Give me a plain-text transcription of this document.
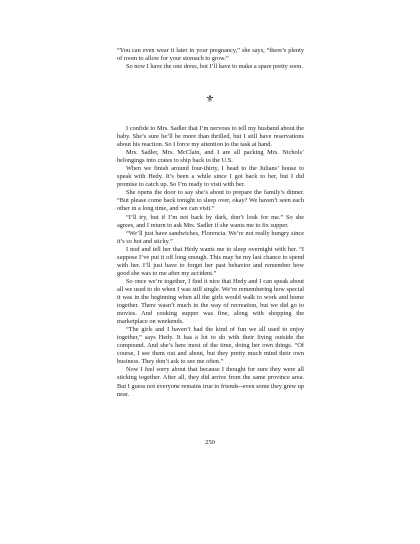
“You can even wear it later in your pregnancy,” she says, “there’s plenty of room to allow for your stomach to grow.”

So now I have the one dress, but I’ll have to make a spare pretty soon.

⚜

I confide to Mrs. Sadler that I’m nervous to tell my husband about the baby. She’s sure he’ll be more than thrilled, but I still have reservations about his reaction. So I force my attention to the task at hand.

Mrs. Sadler, Mrs. McClain, and I are all packing Mrs. Nichols’ belongings into crates to ship back to the U.S.

When we finish around four-thirty, I head to the Julians’ house to speak with Hedy. It’s been a while since I got back to her, but I did promise to catch up. So I’m ready to visit with her.

She opens the door to say she’s about to prepare the family’s dinner. “But please come back tonight to sleep over, okay? We haven’t seen each other in a long time, and we can visit.”

“I’ll try, but if I’m not back by dark, don’t look for me.” So she agrees, and I return to ask Mrs. Sadler if she wants me to fix supper.

“We’ll just have sandwiches, Florencia. We’re not really hungry since it’s so hot and sticky.”

I nod and tell her that Hedy wants me to sleep overnight with her. “I suppose I’ve put it off long enough. This may be my last chance to spend with her. I’ll just have to forget her past behavior and remember how good she was to me after my accident.”

So once we’re together, I find it nice that Hedy and I can speak about all we used to do when I was still single. We’re remembering how special it was in the beginning when all the girls would walk to work and home together. There wasn’t much in the way of recreation, but we did go to movies. And cooking supper was fine, along with shopping the marketplace on weekends.

“The girls and I haven’t had the kind of fun we all used to enjoy together,” says Hedy. It has a lot to do with their living outside the compound. And she’s here most of the time, doing her own things. “Of course, I see them out and about, but they pretty much mind their own business. They don’t ask to see me often.”

Now I feel sorry about that because I thought for sure they were all sticking together. After all, they did arrive from the same province area. But I guess not everyone remains true to friends--even some they grew up near.

250
